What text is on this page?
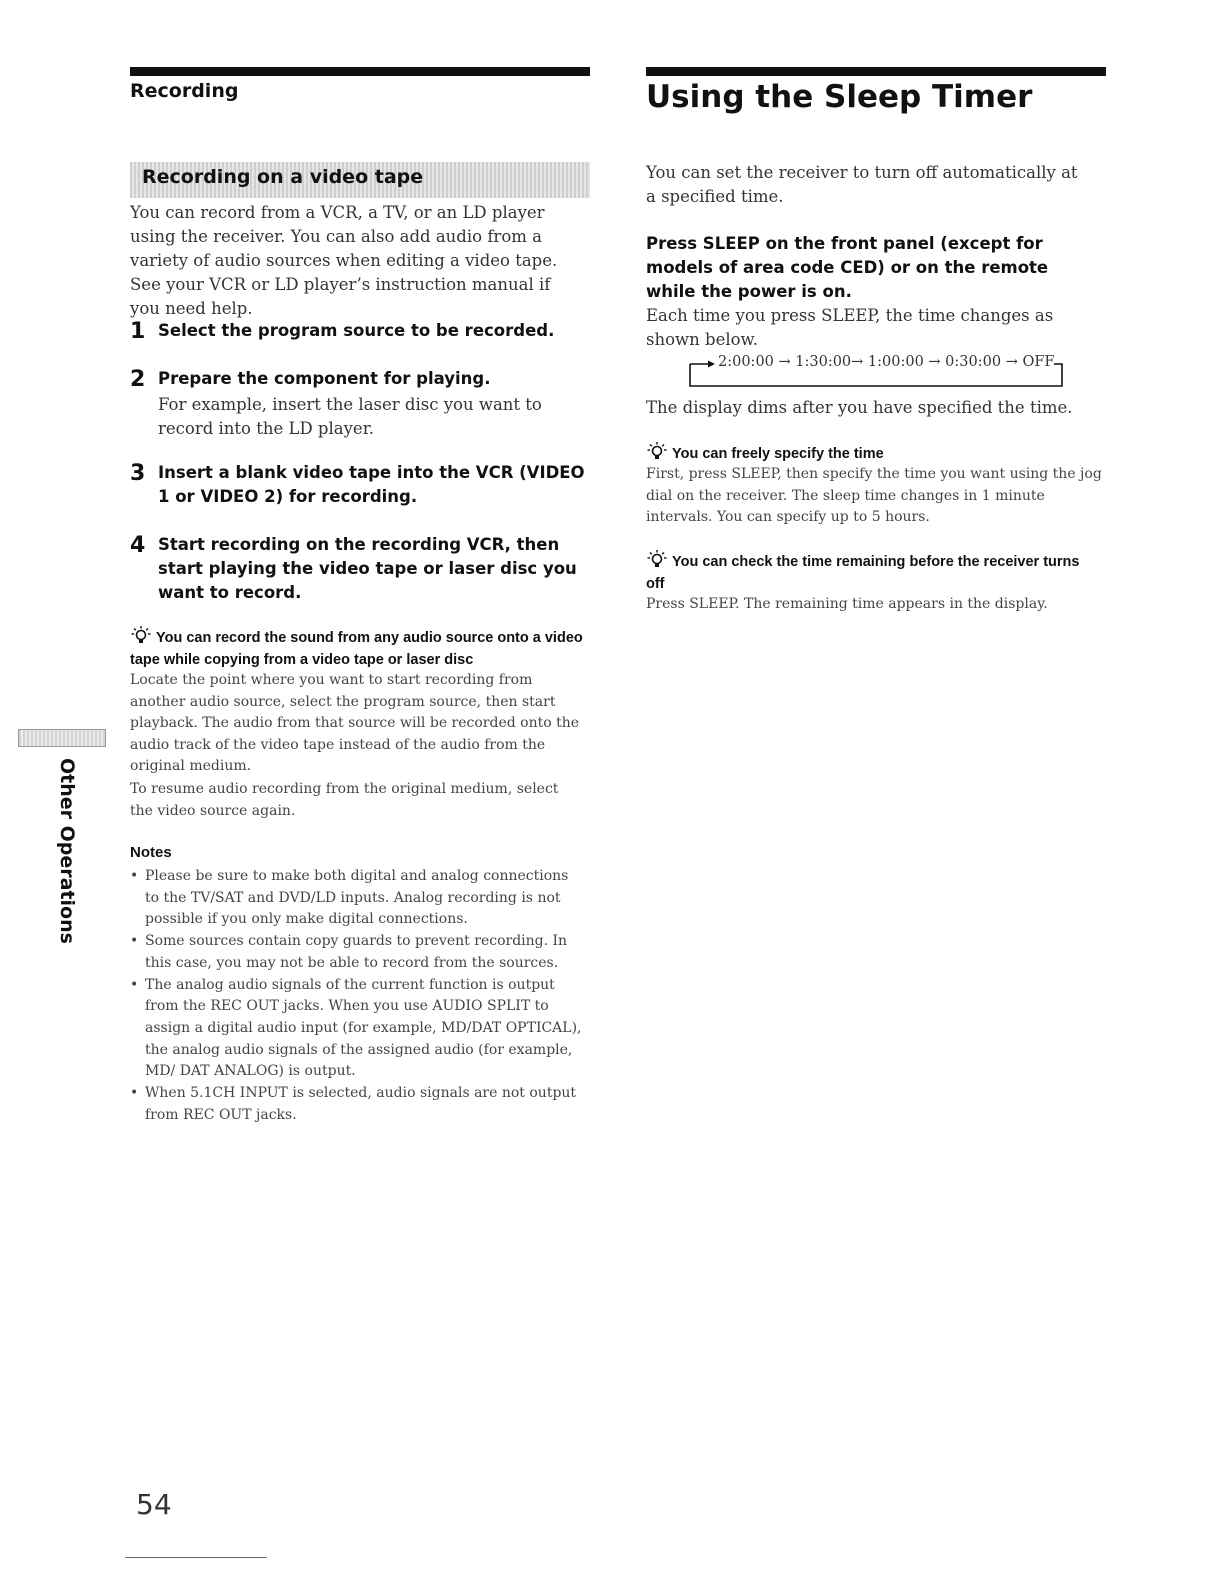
Recording
Recording on a video tape

You can record from a VCR, a TV, or an LD player using the receiver. You can also add audio from a variety of audio sources when editing a video tape. See your VCR or LD player’s instruction manual if you need help.

1 Select the program source to be recorded.
2 Prepare the component for playing.
For example, insert the laser disc you want to record into the LD player.
3 Insert a blank video tape into the VCR (VIDEO 1 or VIDEO 2) for recording.
4 Start recording on the recording VCR, then start playing the video tape or laser disc you want to record.
You can record the sound from any audio source onto a video tape while copying from a video tape or laser disc

Locate the point where you want to start recording from another audio source, select the program source, then start playback. The audio from that source will be recorded onto the audio track of the video tape instead of the audio from the original medium.

To resume audio recording from the original medium, select the video source again.

Notes
• Please be sure to make both digital and analog connections to the TV/SAT and DVD/LD inputs. Analog recording is not possible if you only make digital connections.
• Some sources contain copy guards to prevent recording. In this case, you may not be able to record from the sources.
• The analog audio signals of the current function is output from the REC OUT jacks. When you use AUDIO SPLIT to assign a digital audio input (for example, MD/DAT OPTICAL), the analog audio signals of the assigned audio (for example, MD/ DAT ANALOG) is output.
• When 5.1CH INPUT is selected, audio signals are not output from REC OUT jacks.
Other Operations
Using the Sleep Timer

You can set the receiver to turn off automatically at a specified time.

Press SLEEP on the front panel (except for models of area code CED) or on the remote while the power is on.

Each time you press SLEEP, the time changes as shown below.

2:00:00 → 1:30:00→ 1:00:00 → 0:30:00 → OFF

The display dims after you have specified the time.

You can freely specify the time

First, press SLEEP, then specify the time you want using the jog dial on the receiver. The sleep time changes in 1 minute intervals. You can specify up to 5 hours.

You can check the time remaining before the receiver turns off

Press SLEEP. The remaining time appears in the display.

54
